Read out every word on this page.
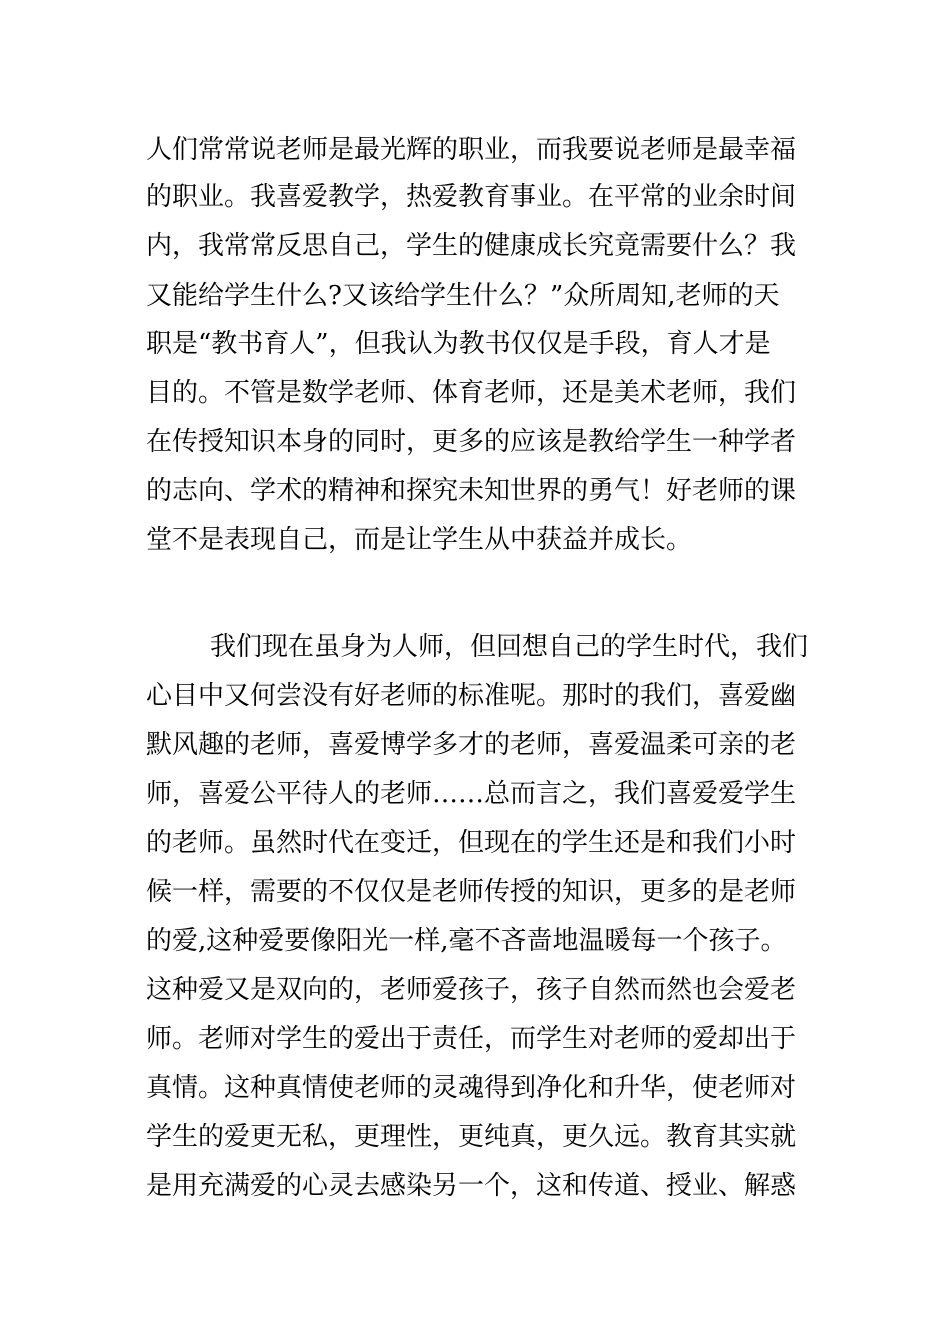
人们常常说老师是最光辉的职业，而我要说老师是最幸福
的职业。我喜爱教学，热爱教育事业。在平常的业余时间
内，我常常反思自己，学生的健康成长究竟需要什么？我
又能给学生什么?又该给学生什么？”众所周知,老师的天
职是“教书育人”，但我认为教书仅仅是手段，育人才是
目的。不管是数学老师、体育老师，还是美术老师，我们
在传授知识本身的同时，更多的应该是教给学生一种学者
的志向、学术的精神和探究未知世界的勇气！好老师的课
堂不是表现自己，而是让学生从中获益并成长。
我们现在虽身为人师，但回想自己的学生时代，我们
心目中又何尝没有好老师的标准呢。那时的我们，喜爱幽
默风趣的老师，喜爱博学多才的老师，喜爱温柔可亲的老
师，喜爱公平待人的老师……总而言之，我们喜爱爱学生
的老师。虽然时代在变迁，但现在的学生还是和我们小时
候一样，需要的不仅仅是老师传授的知识，更多的是老师
的爱,这种爱要像阳光一样,毫不吝啬地温暖每一个孩子。
这种爱又是双向的，老师爱孩子，孩子自然而然也会爱老
师。老师对学生的爱出于责任，而学生对老师的爱却出于
真情。这种真情使老师的灵魂得到净化和升华，使老师对
学生的爱更无私，更理性，更纯真，更久远。教育其实就
是用充满爱的心灵去感染另一个，这和传道、授业、解惑
